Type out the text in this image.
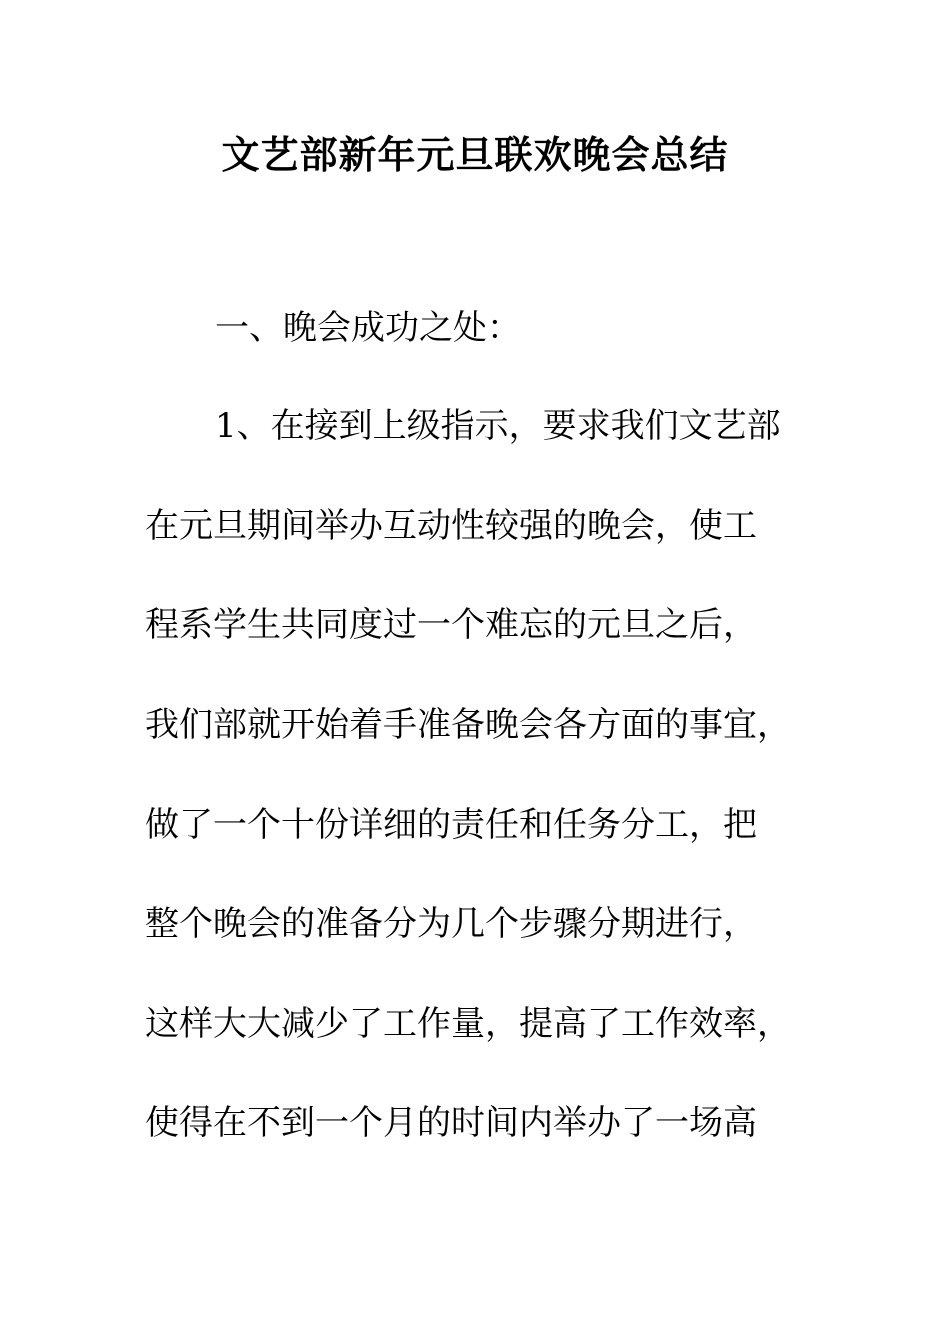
文艺部新年元旦联欢晚会总结
一、晚会成功之处：
1、在接到上级指示，要求我们文艺部
在元旦期间举办互动性较强的晚会，使工
程系学生共同度过一个难忘的元旦之后，
我们部就开始着手准备晚会各方面的事宜，
做了一个十份详细的责任和任务分工，把
整个晚会的准备分为几个步骤分期进行，
这样大大减少了工作量，提高了工作效率，
使得在不到一个月的时间内举办了一场高
